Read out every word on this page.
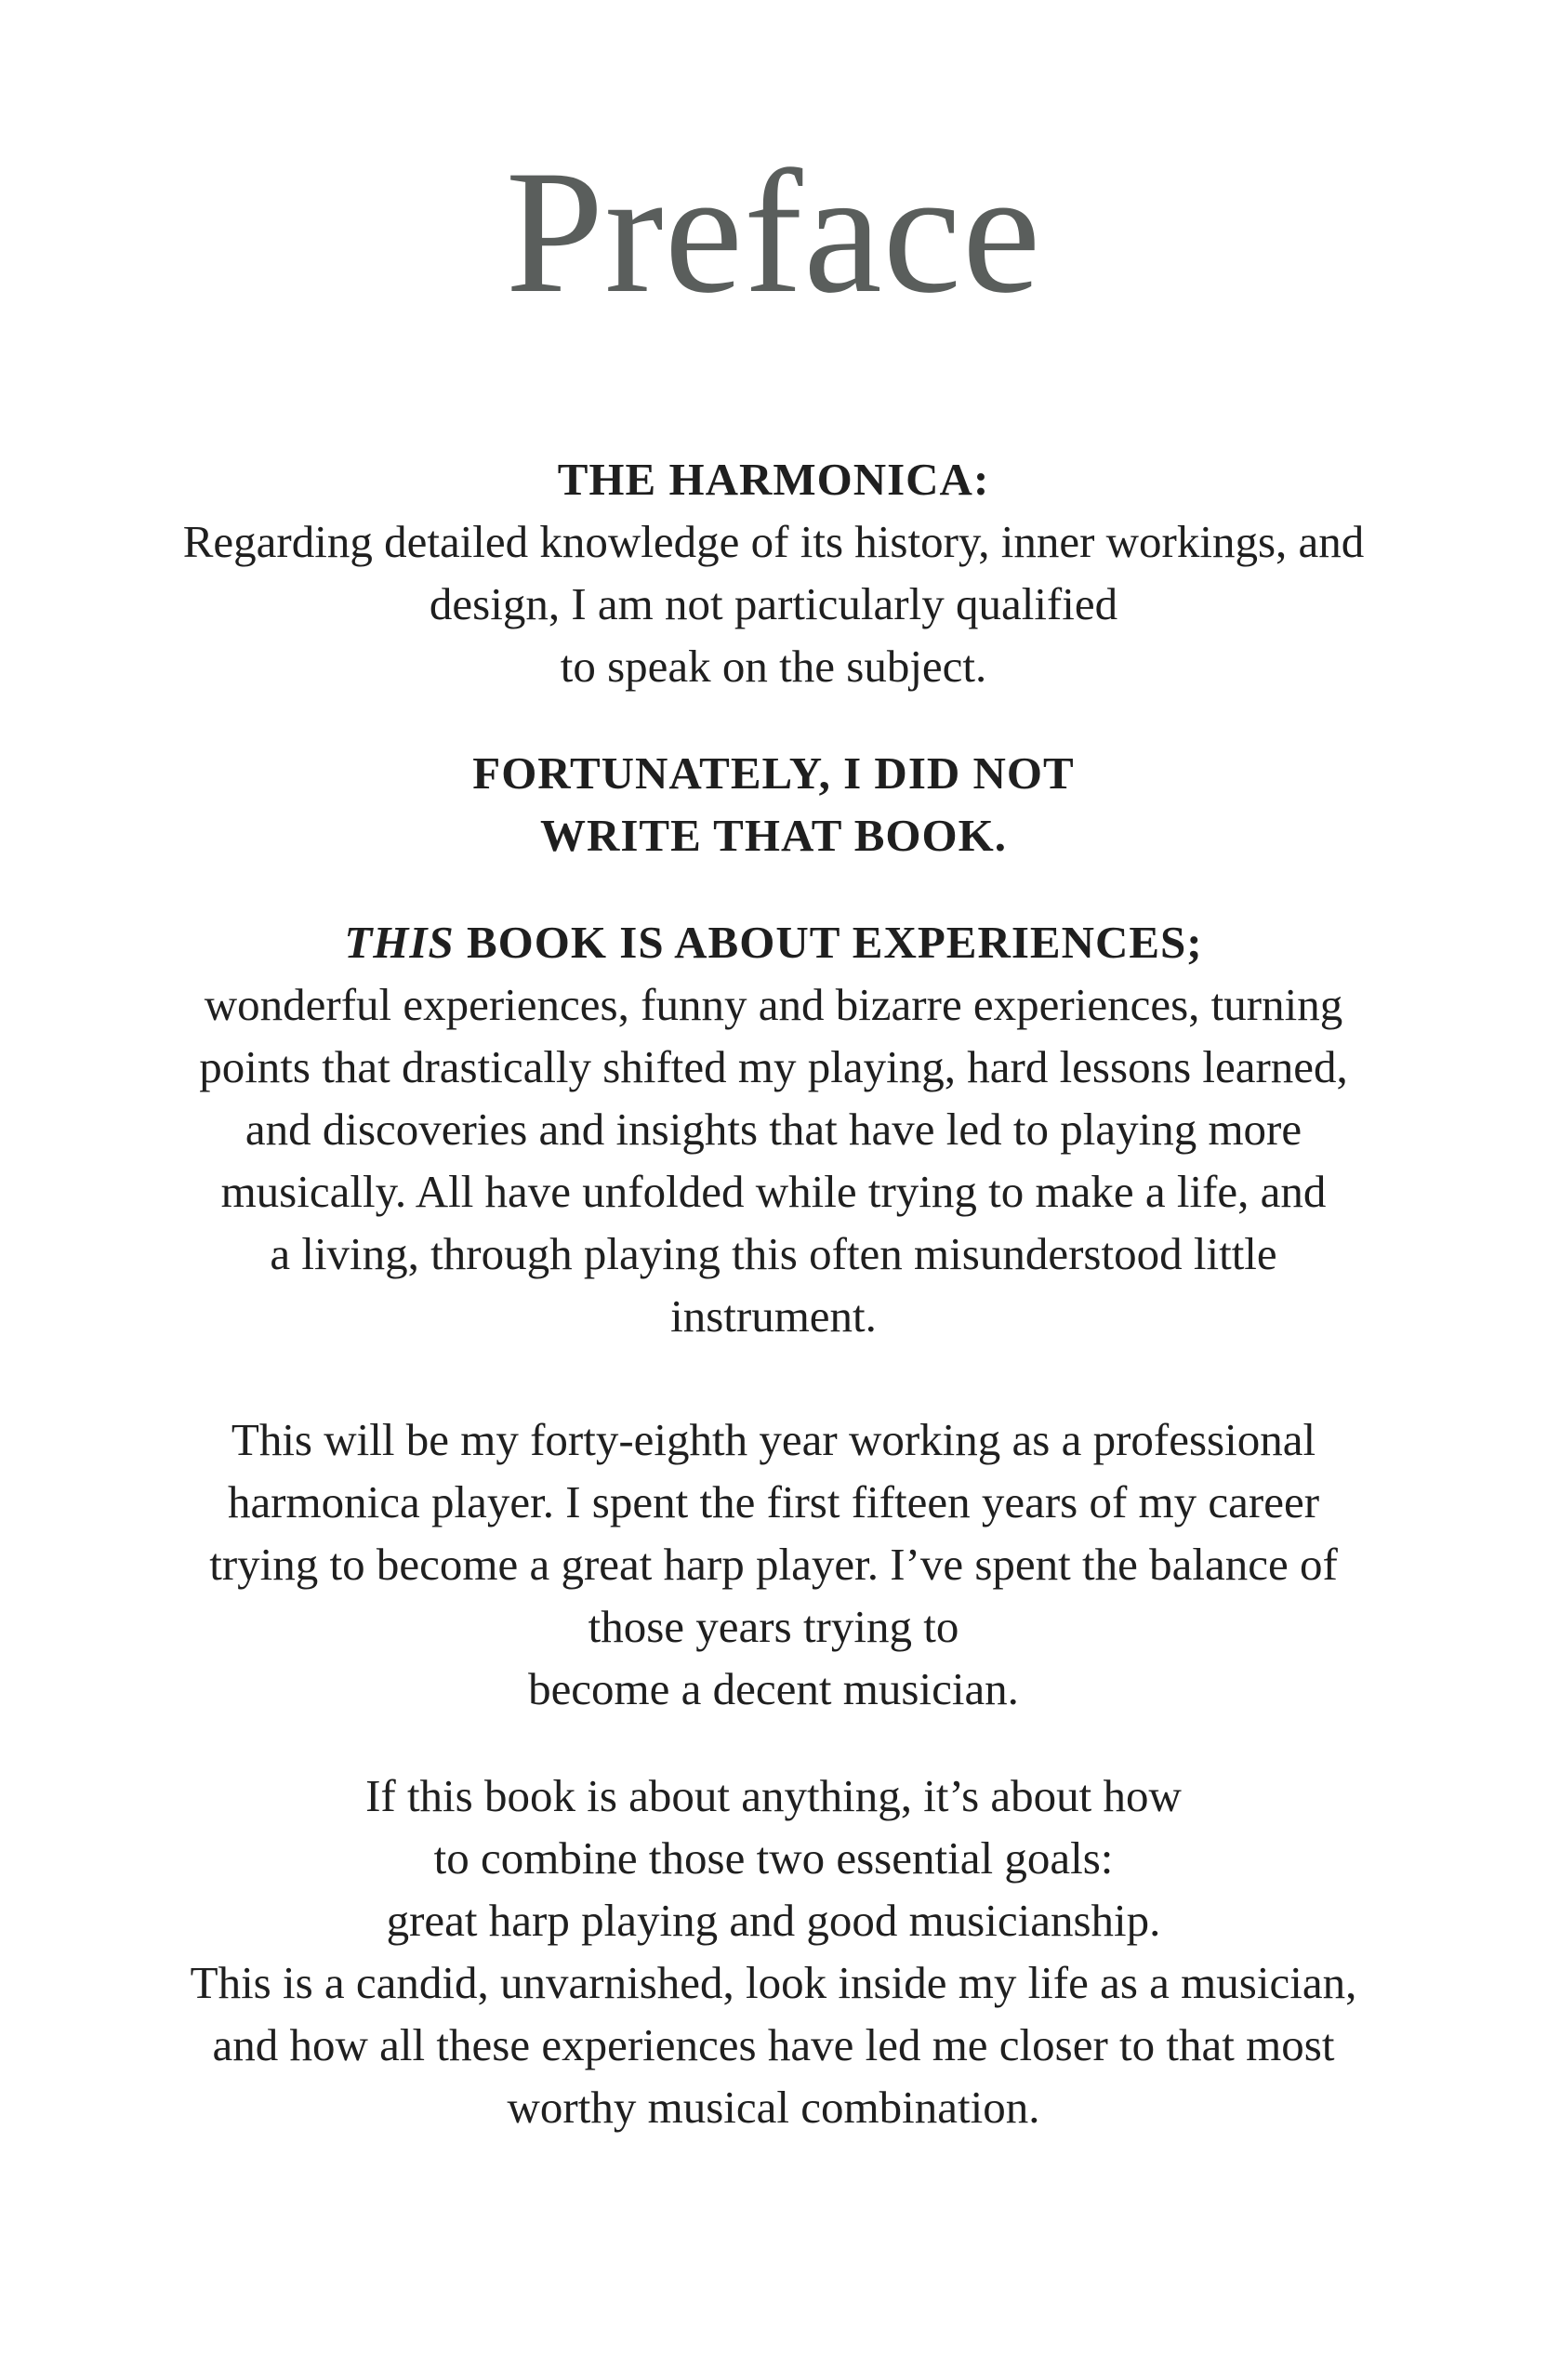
Preface
THE HARMONICA:
Regarding detailed knowledge of its history, inner workings, and
design, I am not particularly qualified
to speak on the subject.
FORTUNATELY, I DID NOT
WRITE THAT BOOK.
THIS BOOK IS ABOUT EXPERIENCES;
wonderful experiences, funny and bizarre experiences, turning
points that drastically shifted my playing, hard lessons learned,
and discoveries and insights that have led to playing more
musically. All have unfolded while trying to make a life, and
a living, through playing this often misunderstood little
instrument.
This will be my forty-eighth year working as a professional
harmonica player. I spent the first fifteen years of my career
trying to become a great harp player. I’ve spent the balance of
those years trying to
become a decent musician.
If this book is about anything, it’s about how
to combine those two essential goals:
great harp playing and good musicianship.
This is a candid, unvarnished, look inside my life as a musician,
and how all these experiences have led me closer to that most
worthy musical combination.
